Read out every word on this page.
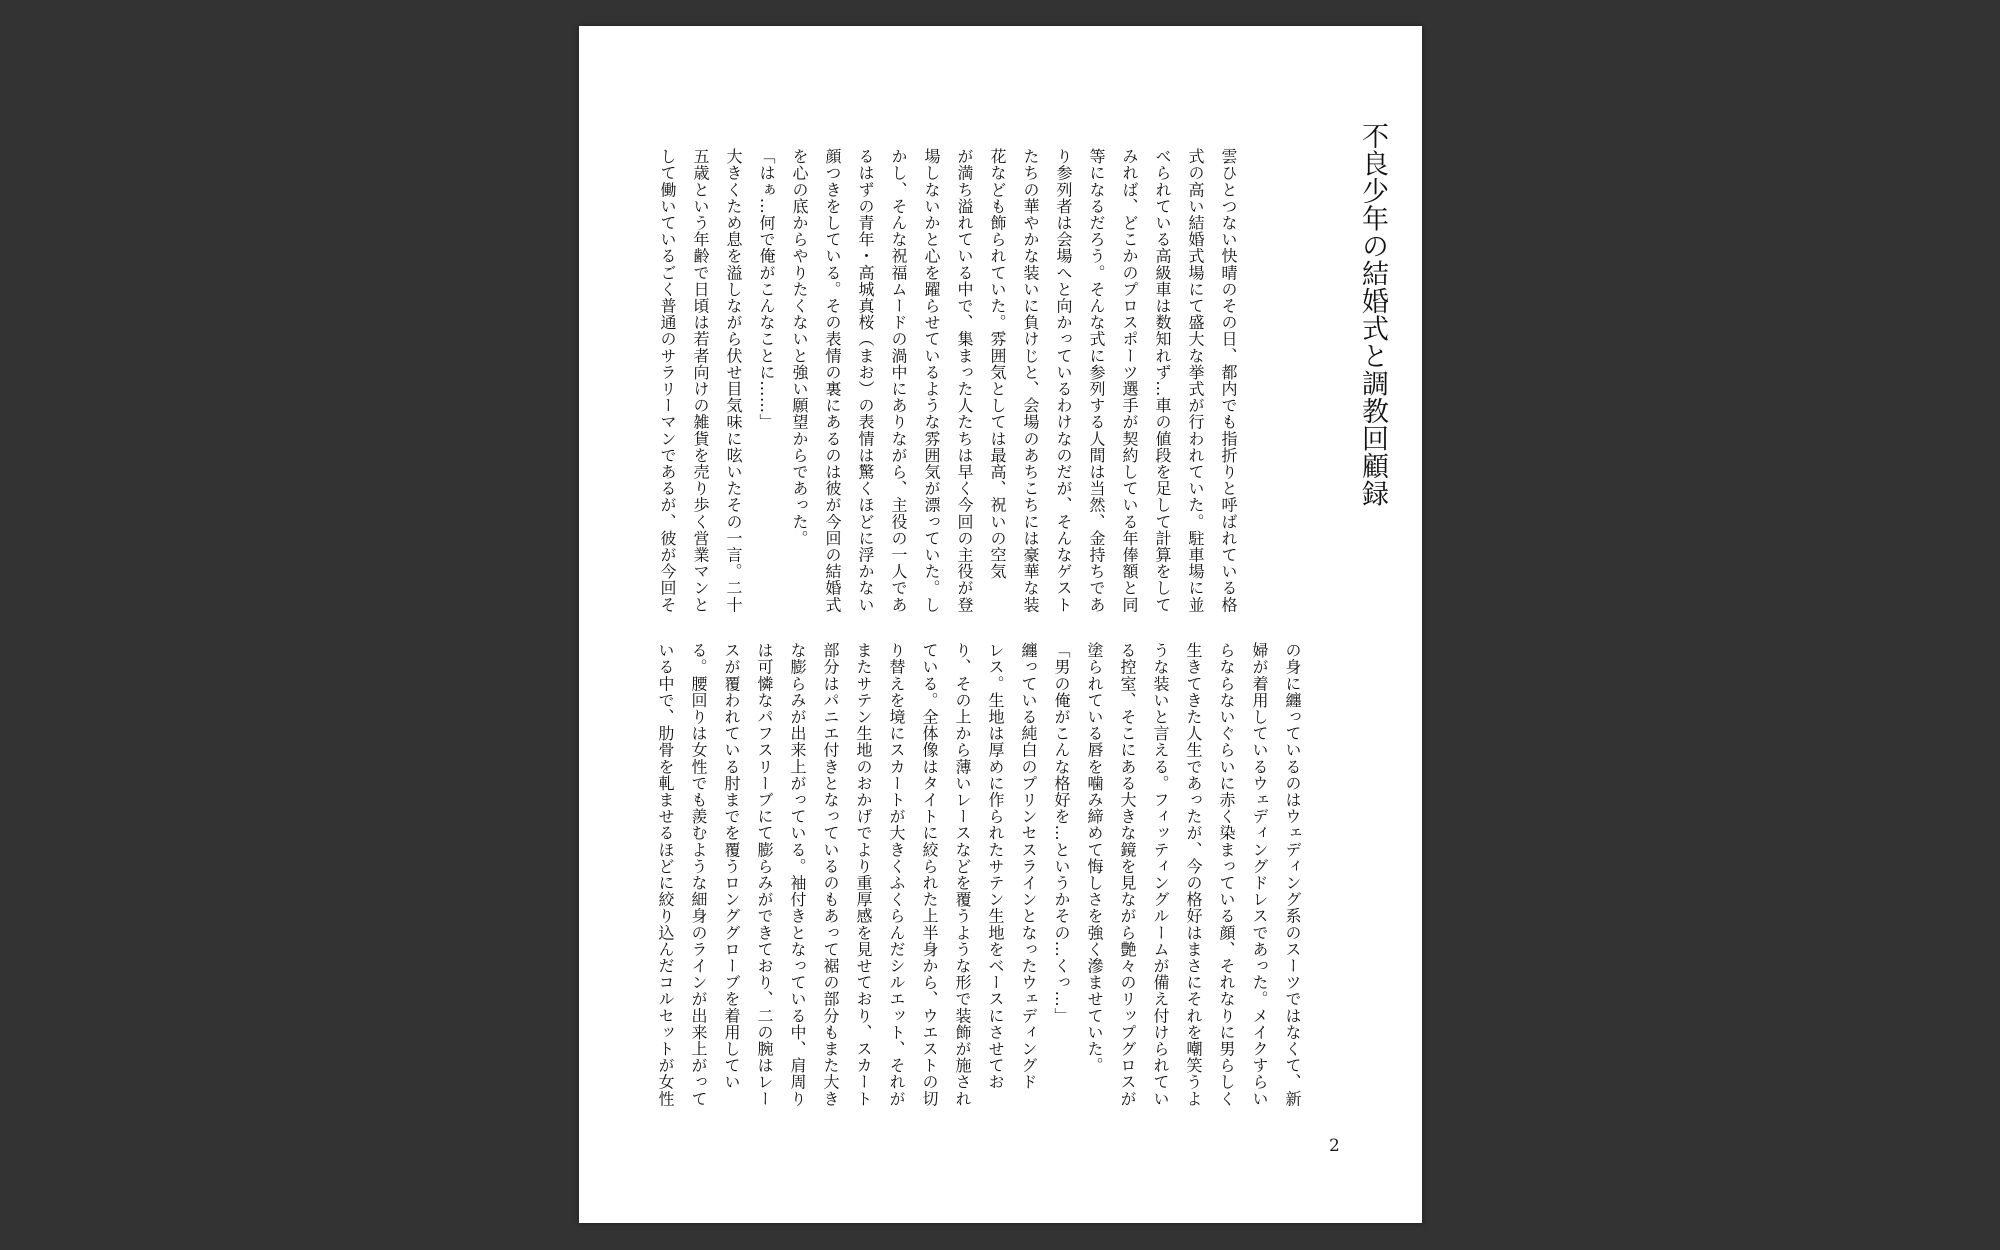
不良少年の結婚式と調教回顧録

雲ひとつない快晴のその日、都内でも指折りと呼ばれている格

式の高い結婚式場にて盛大な挙式が行われていた。駐車場に並

べられている高級車は数知れず…車の値段を足して計算をして

みれば、どこかのプロスポーツ選手が契約している年俸額と同

等になるだろう。そんな式に参列する人間は当然、金持ちであ

り参列者は会場へと向かっているわけなのだが、そんなゲスト

たちの華やかな装いに負けじと、会場のあちこちには豪華な装

花なども飾られていた。雰囲気としては最高、祝いの空気

が満ち溢れている中で、集まった人たちは早く今回の主役が登

場しないかと心を躍らせているような雰囲気が漂っていた。し

かし、そんな祝福ムードの渦中にありながら、主役の一人であ

るはずの青年・高城真桜（まお）の表情は驚くほどに浮かない

顔つきをしている。その表情の裏にあるのは彼が今回の結婚式

を心の底からやりたくないと強い願望からであった。

「はぁ…何で俺がこんなことに……」

大きくため息を溢しながら伏せ目気味に呟いたその一言。二十

五歳という年齢で日頃は若者向けの雑貨を売り歩く営業マンと

して働いているごく普通のサラリーマンであるが、彼が今回そ

の身に纏っているのはウェディング系のスーツではなくて、新

婦が着用しているウェディングドレスであった。メイクすらい

らならないぐらいに赤く染まっている顔、それなりに男らしく

生きてきた人生であったが、今の格好はまさにそれを嘲笑うよ

うな装いと言える。フィッティングルームが備え付けられてい

る控室、そこにある大きな鏡を見ながら艶々のリップグロスが

塗られている唇を噛み締めて悔しさを強く滲ませていた。

「男の俺がこんな格好を…というかその…くっ…」

纏っている純白のプリンセスラインとなったウェディングド

レス。生地は厚めに作られたサテン生地をベースにさせてお

り、その上から薄いレースなどを覆うような形で装飾が施され

ている。全体像はタイトに絞られた上半身から、ウエストの切

り替えを境にスカートが大きくふくらんだシルエット、それが

またサテン生地のおかげでより重厚感を見せており、スカート

部分はパニエ付きとなっているのもあって裾の部分もまた大き

な膨らみが出来上がっている。袖付きとなっている中、肩周り

は可憐なパフスリーブにて膨らみができており、二の腕はレー

スが覆われている肘までを覆うロンググローブを着用してい

る。腰回りは女性でも羨むような細身のラインが出来上がって

いる中で、肋骨を軋ませるほどに絞り込んだコルセットが女性

2
